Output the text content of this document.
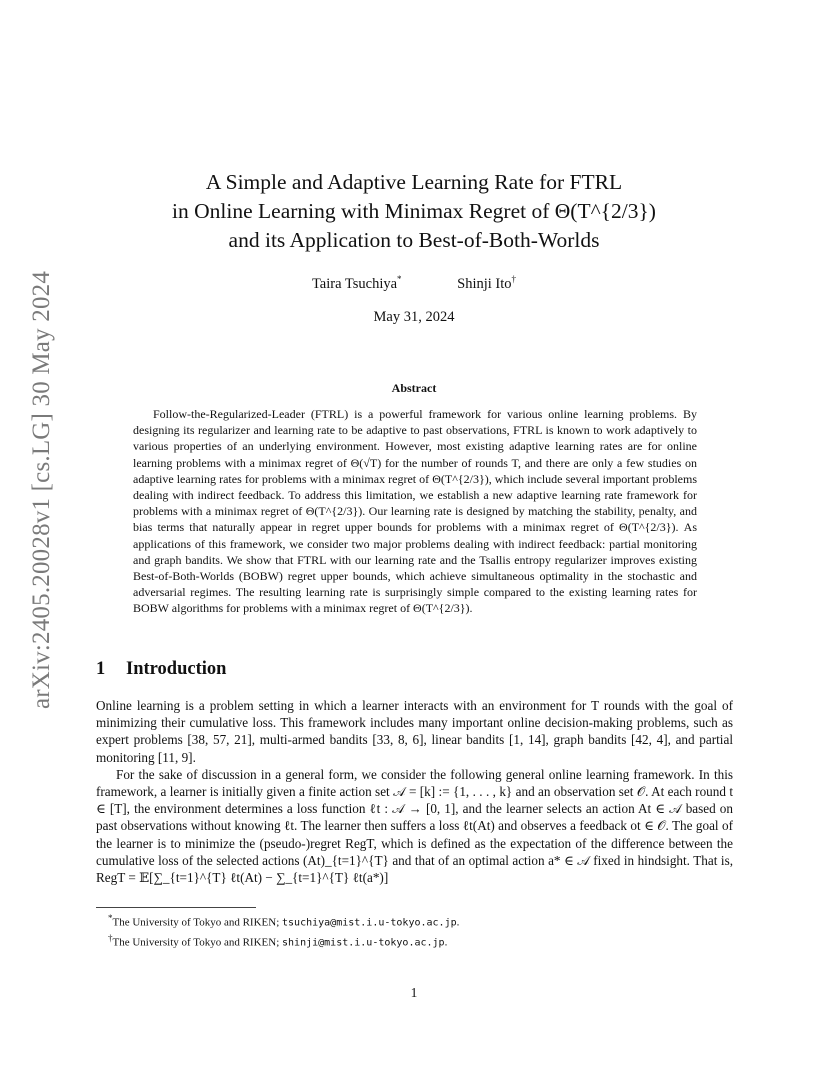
arXiv:2405.20028v1 [cs.LG] 30 May 2024
A Simple and Adaptive Learning Rate for FTRL
in Online Learning with Minimax Regret of Θ(T^{2/3})
and its Application to Best-of-Both-Worlds
Taira Tsuchiya*	Shinji Ito†
May 31, 2024
Abstract

Follow-the-Regularized-Leader (FTRL) is a powerful framework for various online learning problems. By designing its regularizer and learning rate to be adaptive to past observations, FTRL is known to work adaptively to various properties of an underlying environment. However, most existing adaptive learning rates are for online learning problems with a minimax regret of Θ(√T) for the number of rounds T, and there are only a few studies on adaptive learning rates for problems with a minimax regret of Θ(T^{2/3}), which include several important problems dealing with indirect feedback. To address this limitation, we establish a new adaptive learning rate framework for problems with a minimax regret of Θ(T^{2/3}). Our learning rate is designed by matching the stability, penalty, and bias terms that naturally appear in regret upper bounds for problems with a minimax regret of Θ(T^{2/3}). As applications of this framework, we consider two major problems dealing with indirect feedback: partial monitoring and graph bandits. We show that FTRL with our learning rate and the Tsallis entropy regularizer improves existing Best-of-Both-Worlds (BOBW) regret upper bounds, which achieve simultaneous optimality in the stochastic and adversarial regimes. The resulting learning rate is surprisingly simple compared to the existing learning rates for BOBW algorithms for problems with a minimax regret of Θ(T^{2/3}).

1 Introduction

Online learning is a problem setting in which a learner interacts with an environment for T rounds with the goal of minimizing their cumulative loss. This framework includes many important online decision-making problems, such as expert problems [38, 57, 21], multi-armed bandits [33, 8, 6], linear bandits [1, 14], graph bandits [42, 4], and partial monitoring [11, 9].

For the sake of discussion in a general form, we consider the following general online learning framework. In this framework, a learner is initially given a finite action set 𝒜 = [k] := {1, . . . , k} and an observation set 𝒪. At each round t ∈ [T], the environment determines a loss function ℓt : 𝒜 → [0, 1], and the learner selects an action At ∈ 𝒜 based on past observations without knowing ℓt. The learner then suffers a loss ℓt(At) and observes a feedback ot ∈ 𝒪. The goal of the learner is to minimize the (pseudo-)regret RegT, which is defined as the expectation of the difference between the cumulative loss of the selected actions (At)_{t=1}^{T} and that of an optimal action a* ∈ 𝒜 fixed in hindsight. That is, RegT = 𝔼[∑_{t=1}^{T} ℓt(At) − ∑_{t=1}^{T} ℓt(a*)]

*The University of Tokyo and RIKEN; tsuchiya@mist.i.u-tokyo.ac.jp.
†The University of Tokyo and RIKEN; shinji@mist.i.u-tokyo.ac.jp.
1
